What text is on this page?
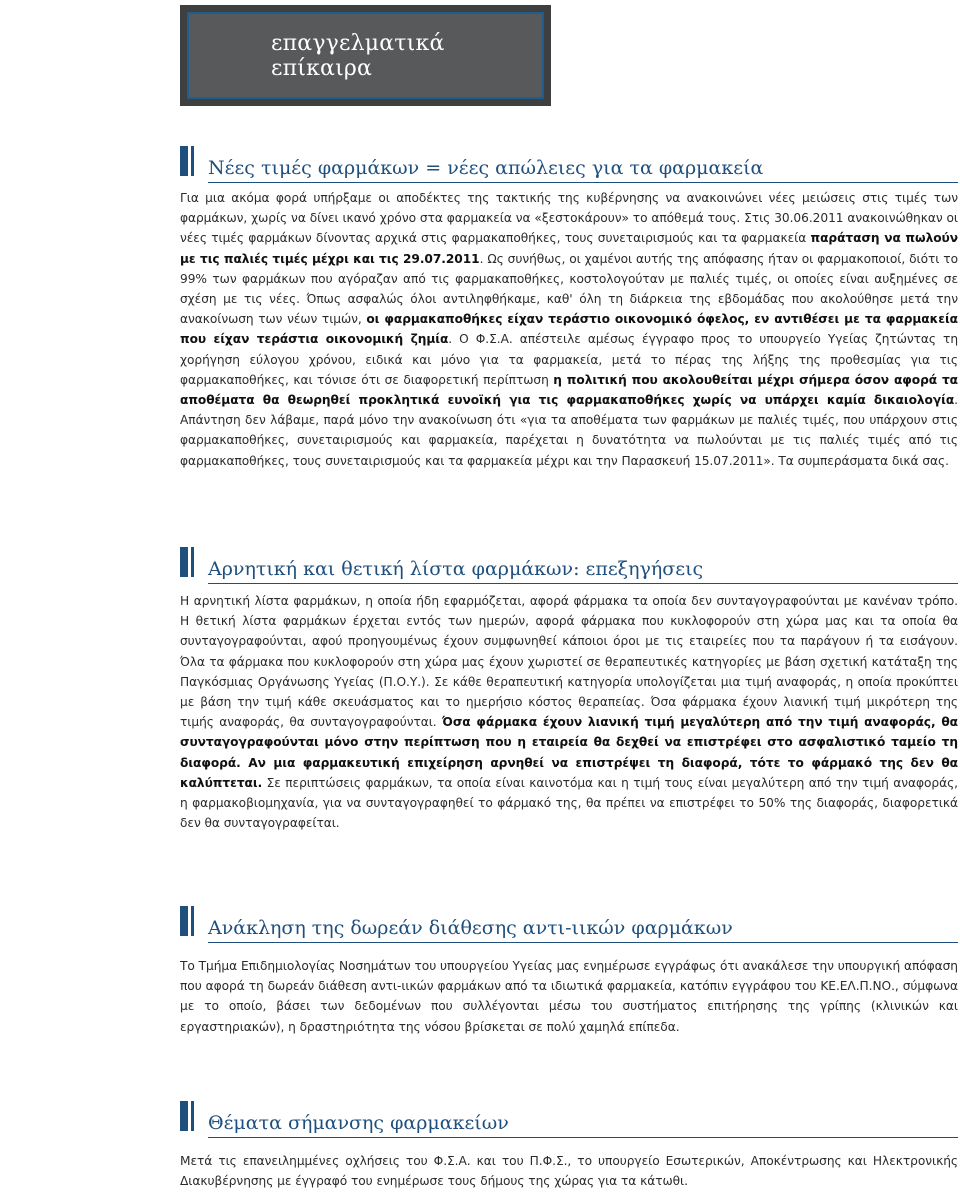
επαγγελματικά επίκαιρα
Νέες τιμές φαρμάκων = νέες απώλειες για τα φαρμακεία

Για μια ακόμα φορά υπήρξαμε οι αποδέκτες της τακτικής της κυβέρνησης να ανακοινώνει νέες μειώσεις στις τιμές των φαρμάκων, χωρίς να δίνει ικανό χρόνο στα φαρμακεία να «ξεστοκάρουν» το απόθεμά τους. Στις 30.06.2011 ανακοινώθηκαν οι νέες τιμές φαρμάκων δίνοντας αρχικά στις φαρμακαποθήκες, τους συνεταιρισμούς και τα φαρμακεία παράταση να πωλούν με τις παλιές τιμές μέχρι και τις 29.07.2011. Ως συνήθως, οι χαμένοι αυτής της απόφασης ήταν οι φαρμακοποιοί, διότι το 99% των φαρμάκων που αγόραζαν από τις φαρμακαποθήκες, κοστολογούταν με παλιές τιμές, οι οποίες είναι αυξημένες σε σχέση με τις νέες. Όπως ασφαλώς όλοι αντιληφθήκαμε, καθ' όλη τη διάρκεια της εβδομάδας που ακολούθησε μετά την ανακοίνωση των νέων τιμών, οι φαρμακαποθήκες είχαν τεράστιο οικονομικό όφελος, εν αντιθέσει με τα φαρμακεία που είχαν τεράστια οικονομική ζημία. Ο Φ.Σ.Α. απέστειλε αμέσως έγγραφο προς το υπουργείο Υγείας ζητώντας τη χορήγηση εύλογου χρόνου, ειδικά και μόνο για τα φαρμακεία, μετά το πέρας της λήξης της προθεσμίας για τις φαρμακαποθήκες, και τόνισε ότι σε διαφορετική περίπτωση η πολιτική που ακολουθείται μέχρι σήμερα όσον αφορά τα αποθέματα θα θεωρηθεί προκλητικά ευνοϊκή για τις φαρμακαποθήκες χωρίς να υπάρχει καμία δικαιολογία. Απάντηση δεν λάβαμε, παρά μόνο την ανακοίνωση ότι «για τα αποθέματα των φαρμάκων με παλιές τιμές, που υπάρχουν στις φαρμακαποθήκες, συνεταιρισμούς και φαρμακεία, παρέχεται η δυνατότητα να πωλούνται με τις παλιές τιμές από τις φαρμακαποθήκες, τους συνεταιρισμούς και τα φαρμακεία μέχρι και την Παρασκευή 15.07.2011». Τα συμπεράσματα δικά σας.

Αρνητική και θετική λίστα φαρμάκων: επεξηγήσεις

Η αρνητική λίστα φαρμάκων, η οποία ήδη εφαρμόζεται, αφορά φάρμακα τα οποία δεν συνταγογραφούνται με κανέναν τρόπο. Η θετική λίστα φαρμάκων έρχεται εντός των ημερών, αφορά φάρμακα που κυκλοφορούν στη χώρα μας και τα οποία θα συνταγογραφούνται, αφού προηγουμένως έχουν συμφωνηθεί κάποιοι όροι με τις εταιρείες που τα παράγουν ή τα εισάγουν. Όλα τα φάρμακα που κυκλοφορούν στη χώρα μας έχουν χωριστεί σε θεραπευτικές κατηγορίες με βάση σχετική κατάταξη της Παγκόσμιας Οργάνωσης Υγείας (Π.Ο.Υ.). Σε κάθε θεραπευτική κατηγορία υπολογίζεται μια τιμή αναφοράς, η οποία προκύπτει με βάση την τιμή κάθε σκευάσματος και το ημερήσιο κόστος θεραπείας. Όσα φάρμακα έχουν λιανική τιμή μικρότερη της τιμής αναφοράς, θα συνταγογραφούνται. Όσα φάρμακα έχουν λιανική τιμή μεγαλύτερη από την τιμή αναφοράς, θα συνταγογραφούνται μόνο στην περίπτωση που η εταιρεία θα δεχθεί να επιστρέφει στο ασφαλιστικό ταμείο τη διαφορά. Αν μια φαρμακευτική επιχείρηση αρνηθεί να επιστρέψει τη διαφορά, τότε το φάρμακό της δεν θα καλύπτεται. Σε περιπτώσεις φαρμάκων, τα οποία είναι καινοτόμα και η τιμή τους είναι μεγαλύτερη από την τιμή αναφοράς, η φαρμακοβιομηχανία, για να συνταγογραφηθεί το φάρμακό της, θα πρέπει να επιστρέφει το 50% της διαφοράς, διαφορετικά δεν θα συνταγογραφείται.

Ανάκληση της δωρεάν διάθεσης αντι-ιικών φαρμάκων

Το Τμήμα Επιδημιολογίας Νοσημάτων του υπουργείου Υγείας μας ενημέρωσε εγγράφως ότι ανακάλεσε την υπουργική απόφαση που αφορά τη δωρεάν διάθεση αντι-ιικών φαρμάκων από τα ιδιωτικά φαρμακεία, κατόπιν εγγράφου του ΚΕ.ΕΛ.Π.ΝΟ., σύμφωνα με το οποίο, βάσει των δεδομένων που συλλέγονται μέσω του συστήματος επιτήρησης της γρίπης (κλινικών και εργαστηριακών), η δραστηριότητα της νόσου βρίσκεται σε πολύ χαμηλά επίπεδα.

Θέματα σήμανσης φαρμακείων

Μετά τις επανειλημμένες οχλήσεις του Φ.Σ.Α. και του Π.Φ.Σ., το υπουργείο Εσωτερικών, Αποκέντρωσης και Ηλεκτρονικής Διακυβέρνησης με έγγραφό του ενημέρωσε τους δήμους της χώρας για τα κάτωθι.
